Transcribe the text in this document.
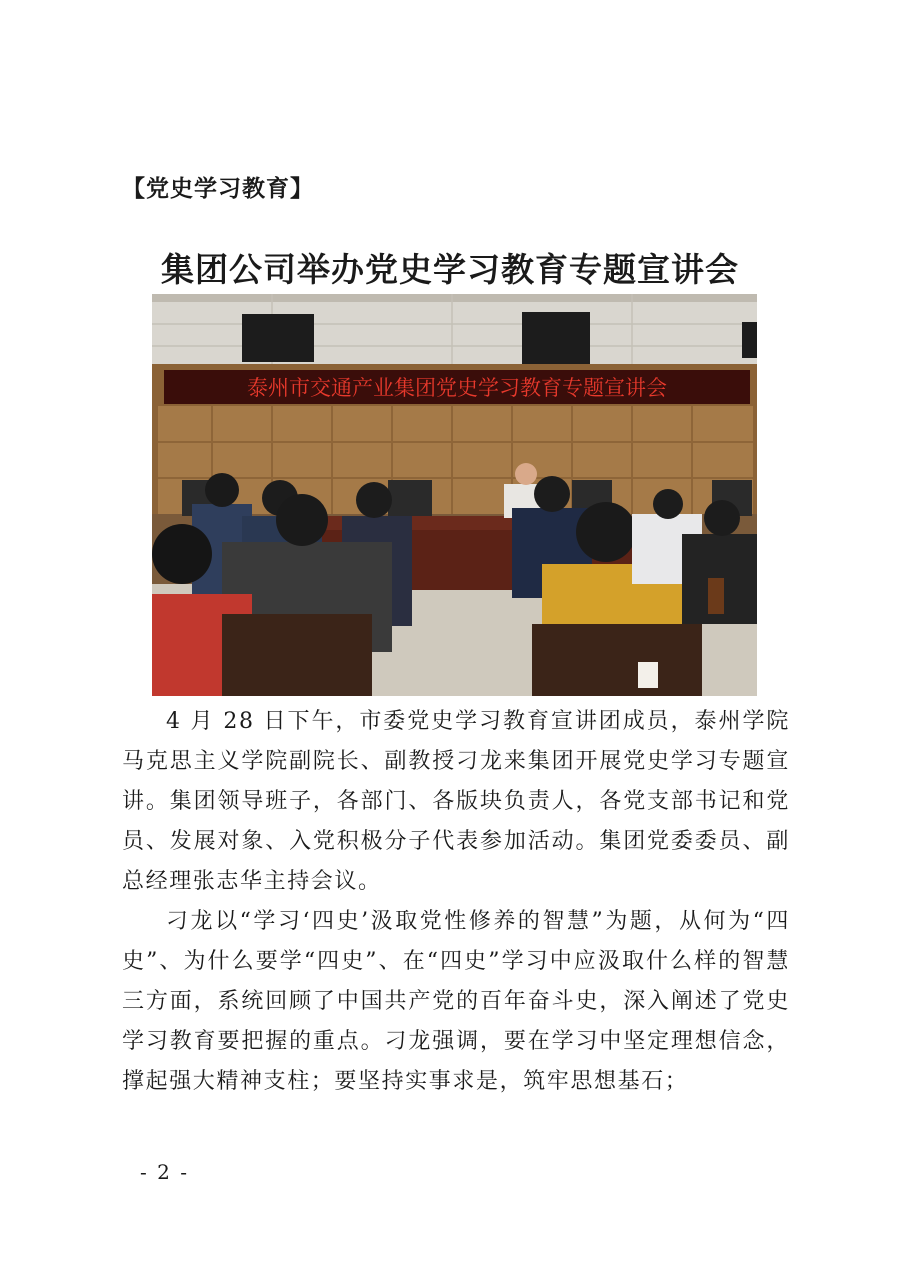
【党史学习教育】
集团公司举办党史学习教育专题宣讲会
泰州市交通产业集团党史学习教育专题宣讲会

4 月 28 日下午，市委党史学习教育宣讲团成员，泰州学院马克思主义学院副院长、副教授刁龙来集团开展党史学习专题宣讲。集团领导班子，各部门、各版块负责人，各党支部书记和党员、发展对象、入党积极分子代表参加活动。集团党委委员、副总经理张志华主持会议。

刁龙以“学习‘四史’汲取党性修养的智慧”为题，从何为“四史”、为什么要学“四史”、在“四史”学习中应汲取什么样的智慧三方面，系统回顾了中国共产党的百年奋斗史，深入阐述了党史学习教育要把握的重点。刁龙强调，要在学习中坚定理想信念，撑起强大精神支柱；要坚持实事求是，筑牢思想基石；

- 2 -
